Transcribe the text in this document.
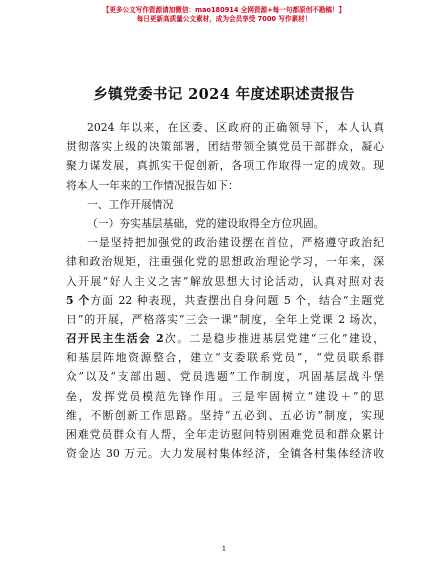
【更多公文写作资源请加微信：mao180914 全网资源+每一句都原创不勘稿！】
每日更新高质量公文素材，成为会员享受 7000 写作素材！
乡镇党委书记 2024 年度述职述责报告
2024 年以来，在区委、区政府的正确领导下，本人认真
贯彻落实上级的决策部署，团结带领全镇党员干部群众，凝心
聚力谋发展，真抓实干促创新，各项工作取得一定的成效。现
将本人一年来的工作情况报告如下：
一、工作开展情况
（一）夯实基层基础，党的建设取得全方位巩固。
一是坚持把加强党的政治建设摆在首位，严格遵守政治纪
律和政治规矩，注重强化党的思想政治理论学习，一年来，深
入开展“好人主义之害”解放思想大讨论活动，认真对照对表
5 个方面 22 种表现，共查摆出自身问题 5 个，结合“主题党
日”的开展，严格落实“三会一课”制度，全年上党课 2 场次，
召开民主生活会 2次。二是稳步推进基层党建“三化”建设，
和基层阵地资源整合，建立“支委联系党员”，“党员联系群
众”以及“支部出题、党员选题”工作制度，巩固基层战斗堡
垒，发挥党员模范先锋作用。三是牢固树立“建设＋”的思
维，不断创新工作思路。坚持“五必到、五必访”制度，实现
困难党员群众有人帮，全年走访慰问特别困难党员和群众累计
资金达 30 万元。大力发展村集体经济，全镇各村集体经济收
1
